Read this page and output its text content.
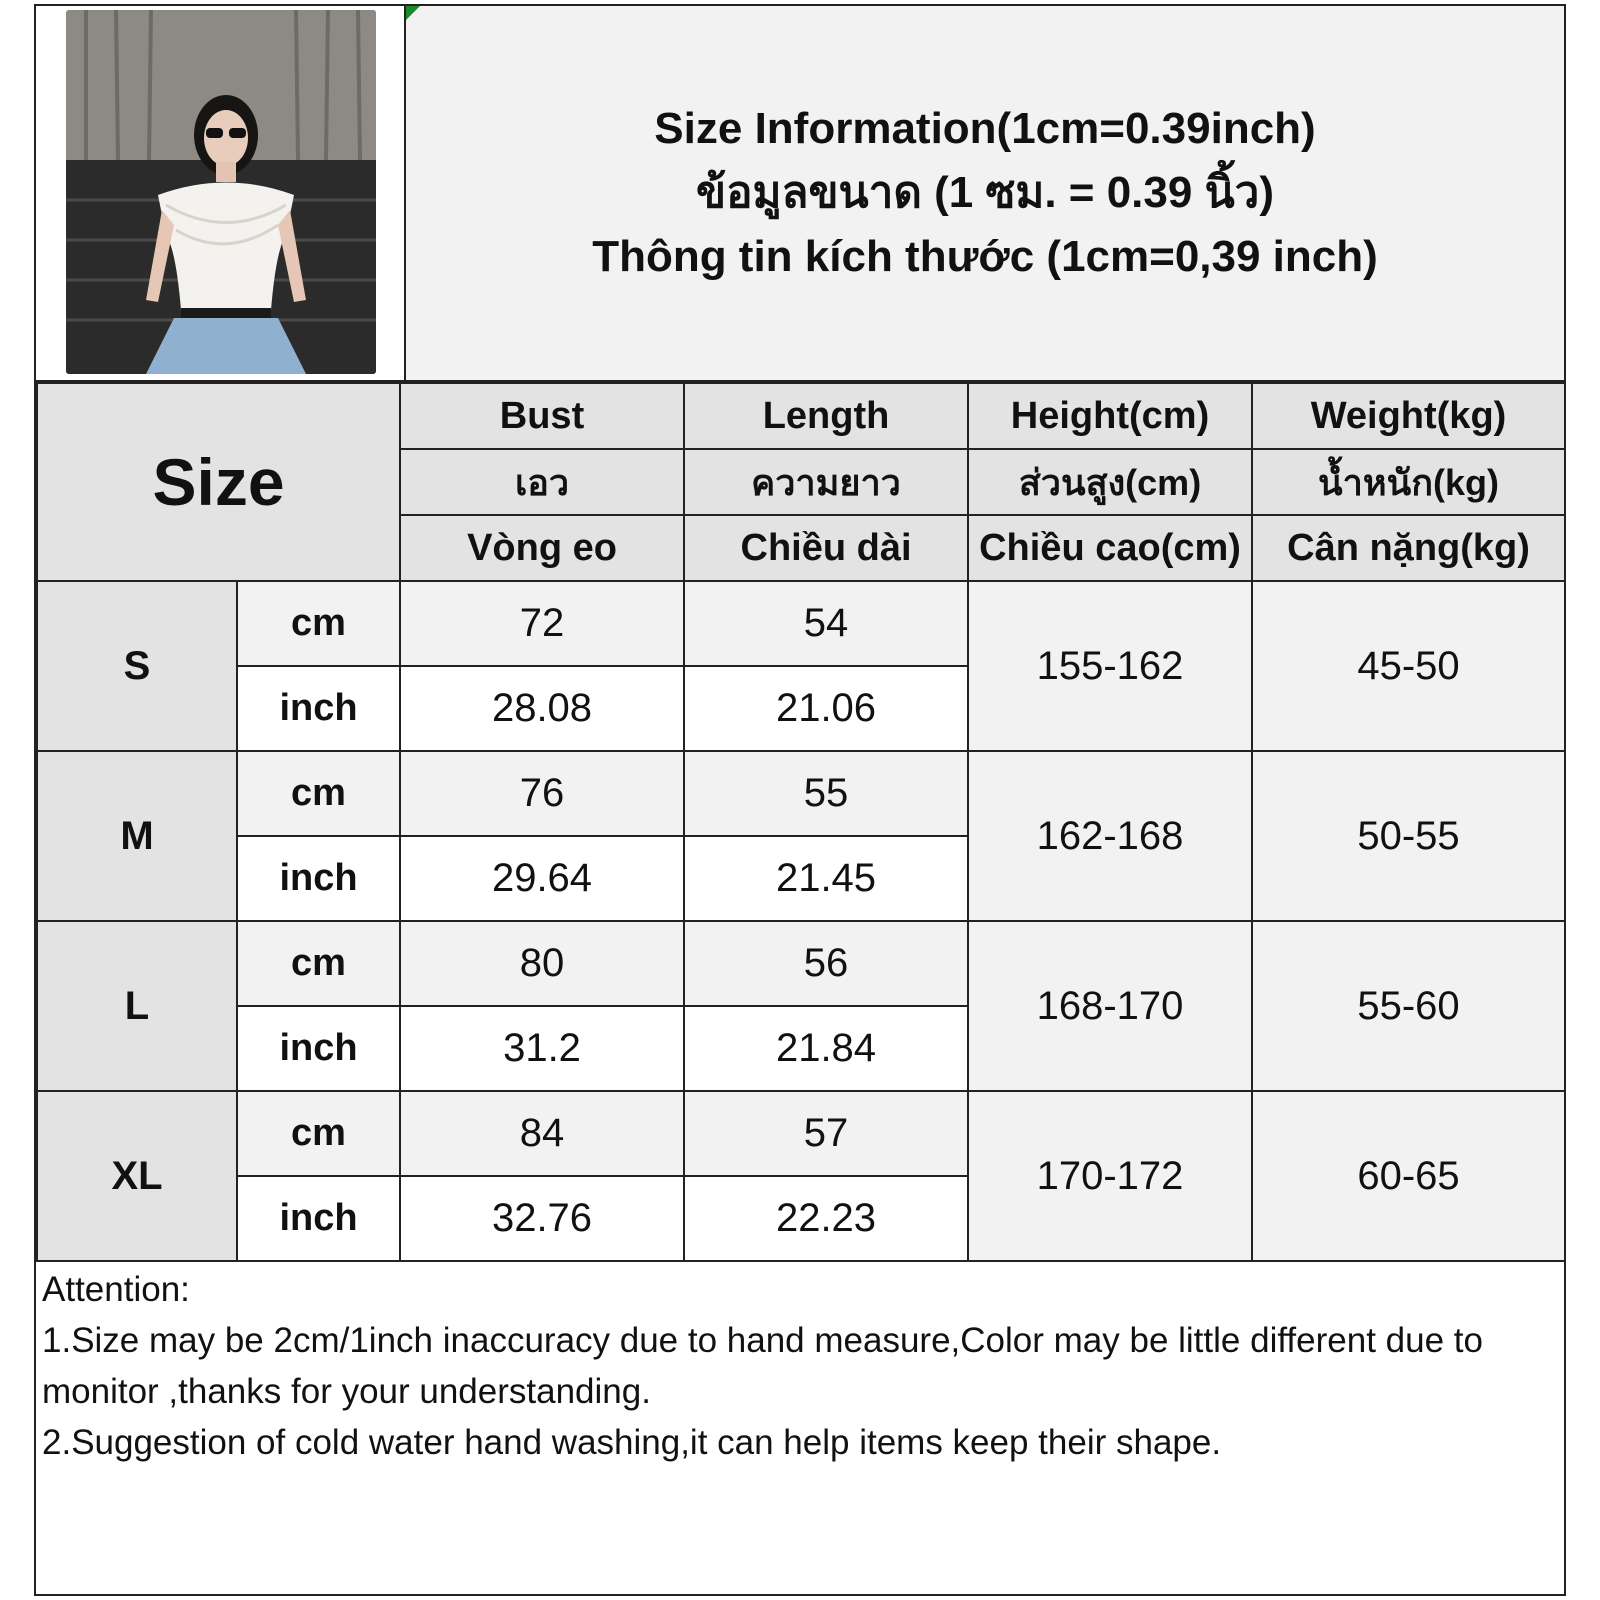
Size Information(1cm=0.39inch)
ข้อมูลขนาด (1 ซม. = 0.39 นิ้ว)
Thông tin kích thước (1cm=0,39 inch)
Size		Bust	Length	Height(cm)	Weight(kg)
		เอว	ความยาว	ส่วนสูง(cm)	น้ำหนัก(kg)
		Vòng eo	Chiều dài	Chiều cao(cm)	Cân nặng(kg)
S	cm	72	54	155-162	45-50
	inch	28.08	21.06		
M	cm	76	55	162-168	50-55
	inch	29.64	21.45		
L	cm	80	56	168-170	55-60
	inch	31.2	21.84		
XL	cm	84	57	170-172	60-65
	inch	32.76	22.23		

Attention:

1.Size may be 2cm/1inch inaccuracy due to hand measure,Color may be little different due to monitor ,thanks for your understanding.

2.Suggestion of cold water hand washing,it can help items keep their shape.
